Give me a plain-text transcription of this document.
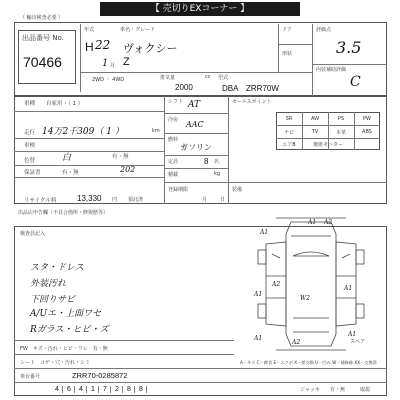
【 売切りEXコーナー 】
（ 輸出検査必要 ）
出品番号 No.
70466
年式	車名・グレード
H 22
1 月
ヴォクシー
Z
2WD ・ 4WD	排気量	cc 型式
2000	DBA　ZRR70W
ドア
形状
評価点
3.5
内装補助評価
C
車種　　自家用・（ 1 ）
走行 14万2千309（ 1 ）	km
車検
色替	白	有・無
202
保証書	有・無
リサイクル料	13,330 円 預託済
シフト AT
冷房 AAC
燃料
ガソリン
定員	8 名
積載	kg
登録期限
月	日
セールスポイント
SR	AW	PS	PW
ナビ	TV	本革	ABS
エアB	後席モニター
装備
出品店申告欄（不具合箇所・修復歴等）
検査員記入
スタ・ドレス
外装汚れ
下回りサビ
A/Uエ・上面ワセ
Rガラス・ヒビ・ズ
FW　キズ・汚れ・ヒビ・ワレ　有・無
シート　コゲ・穴・汚れ・シミ
車台番号	ZRR70-0285872
4	6	4	1	7	2	8	8	ジャッキ 有・無	取説
A－キズ C－腐食 E－エクボ X－要交換 U－凹み W－補修跡 XX－交換済
スペア
A1
A2
A1
A2
A1
W2
A1
A1
A2
A1
